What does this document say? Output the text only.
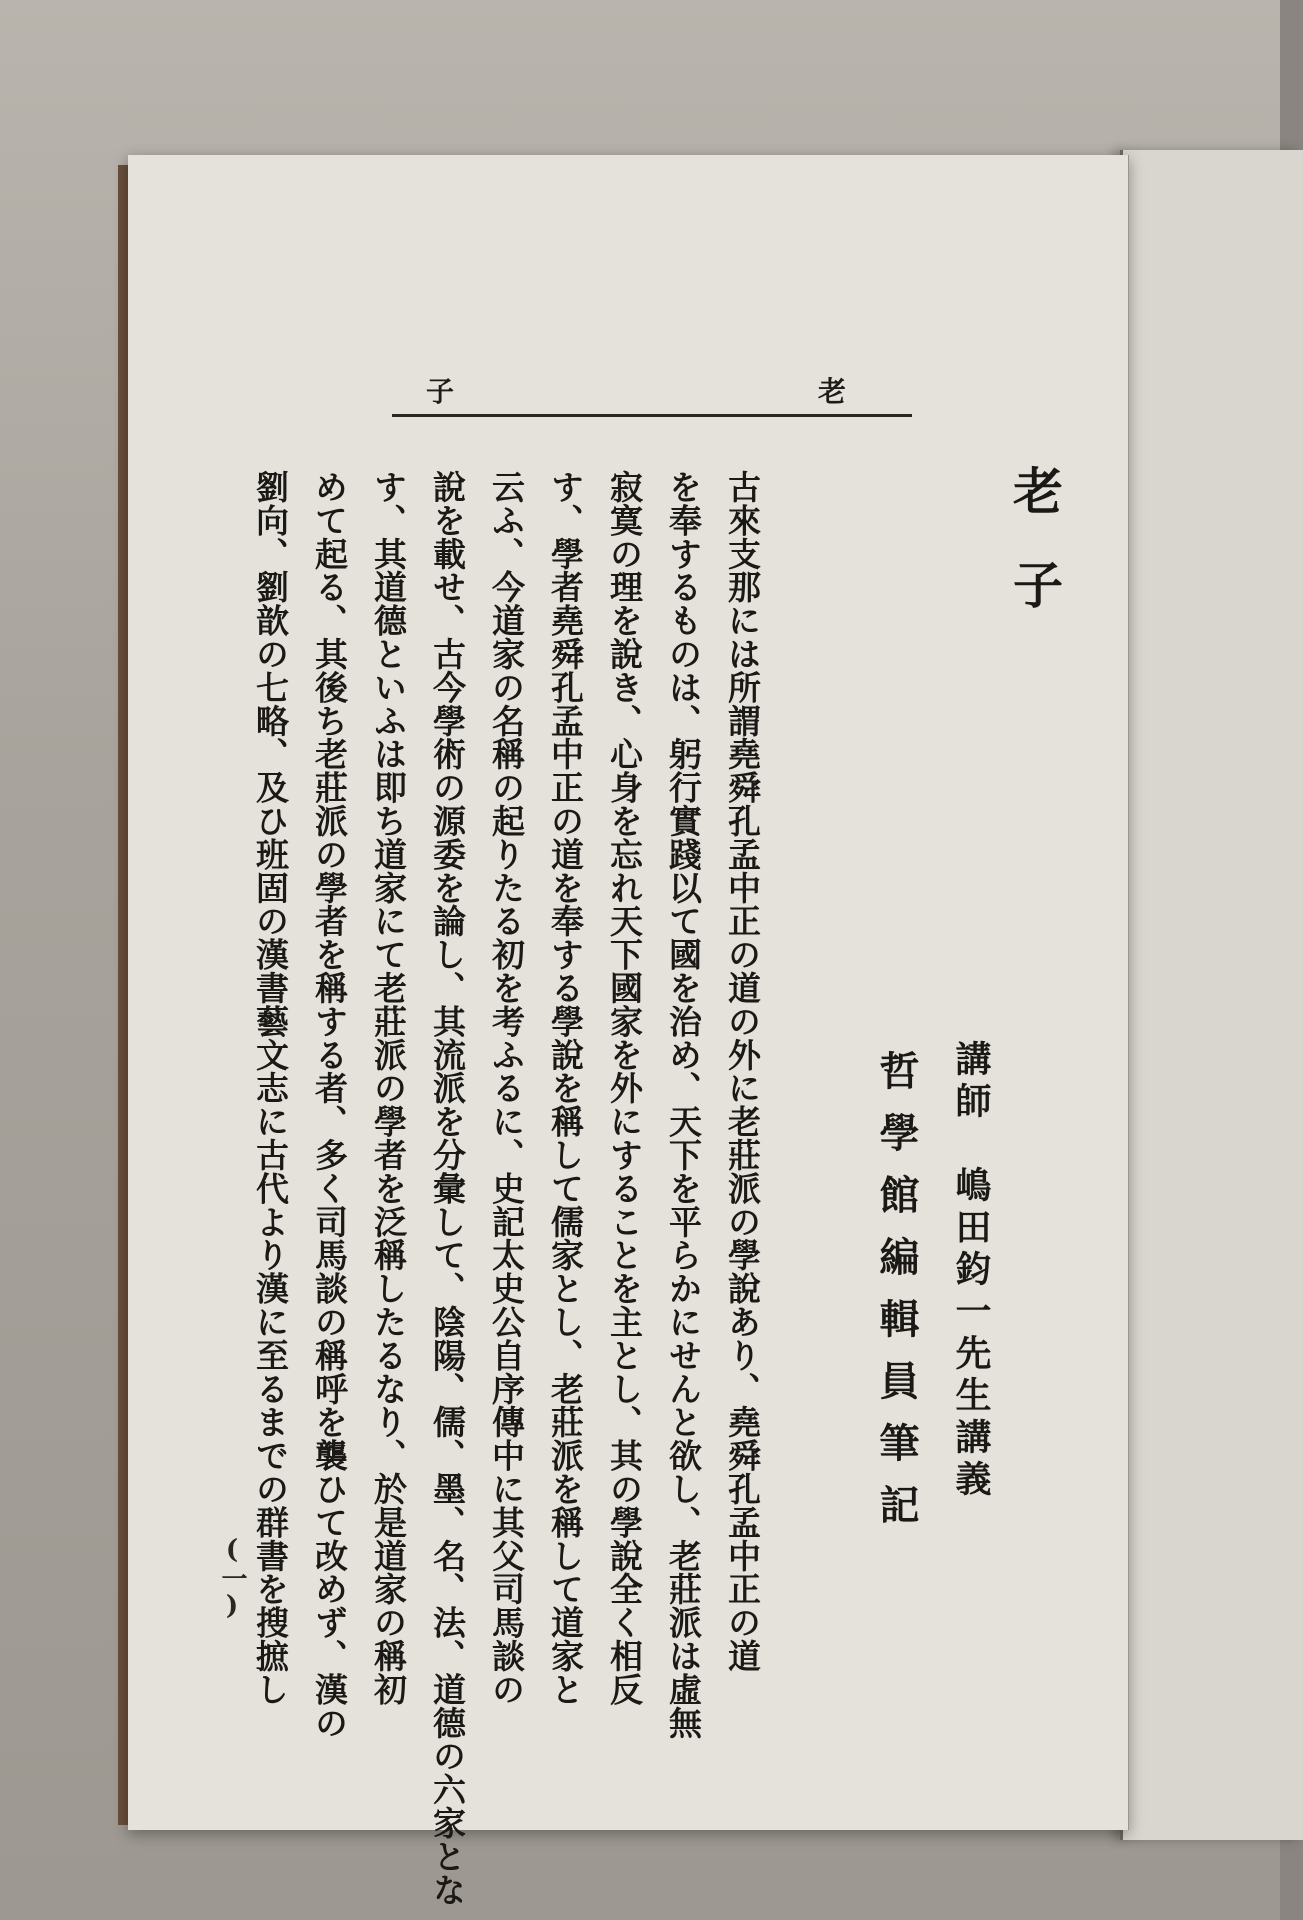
子	老
老子
講師　嶋田鈞一先生講義
哲學館編輯員筆記
古來支那には所謂堯舜孔孟中正の道の外に老莊派の學說あり、堯舜孔孟中正の道
を奉するものは、躬行實踐以て國を治め、天下を平らかにせんと欲し、老莊派は虛無
寂寞の理を說き、心身を忘れ天下國家を外にすることを主とし、其の學說全く相反
す、學者堯舜孔孟中正の道を奉する學說を稱して儒家とし、老莊派を稱して道家と
云ふ、今道家の名稱の起りたる初を考ふるに、史記太史公自序傳中に其父司馬談の
說を載せ、古今學術の源委を論し、其流派を分彙して、陰陽、儒、墨、名、法、道德の六家とな
す、其道德といふは即ち道家にて老莊派の學者を泛稱したるなり、於是道家の稱初
めて起る、其後ち老莊派の學者を稱する者、多く司馬談の稱呼を襲ひて改めず、漢の
劉向、劉歆の七略、及ひ班固の漢書藝文志に古代より漢に至るまでの群書を搜摭し
(一)
